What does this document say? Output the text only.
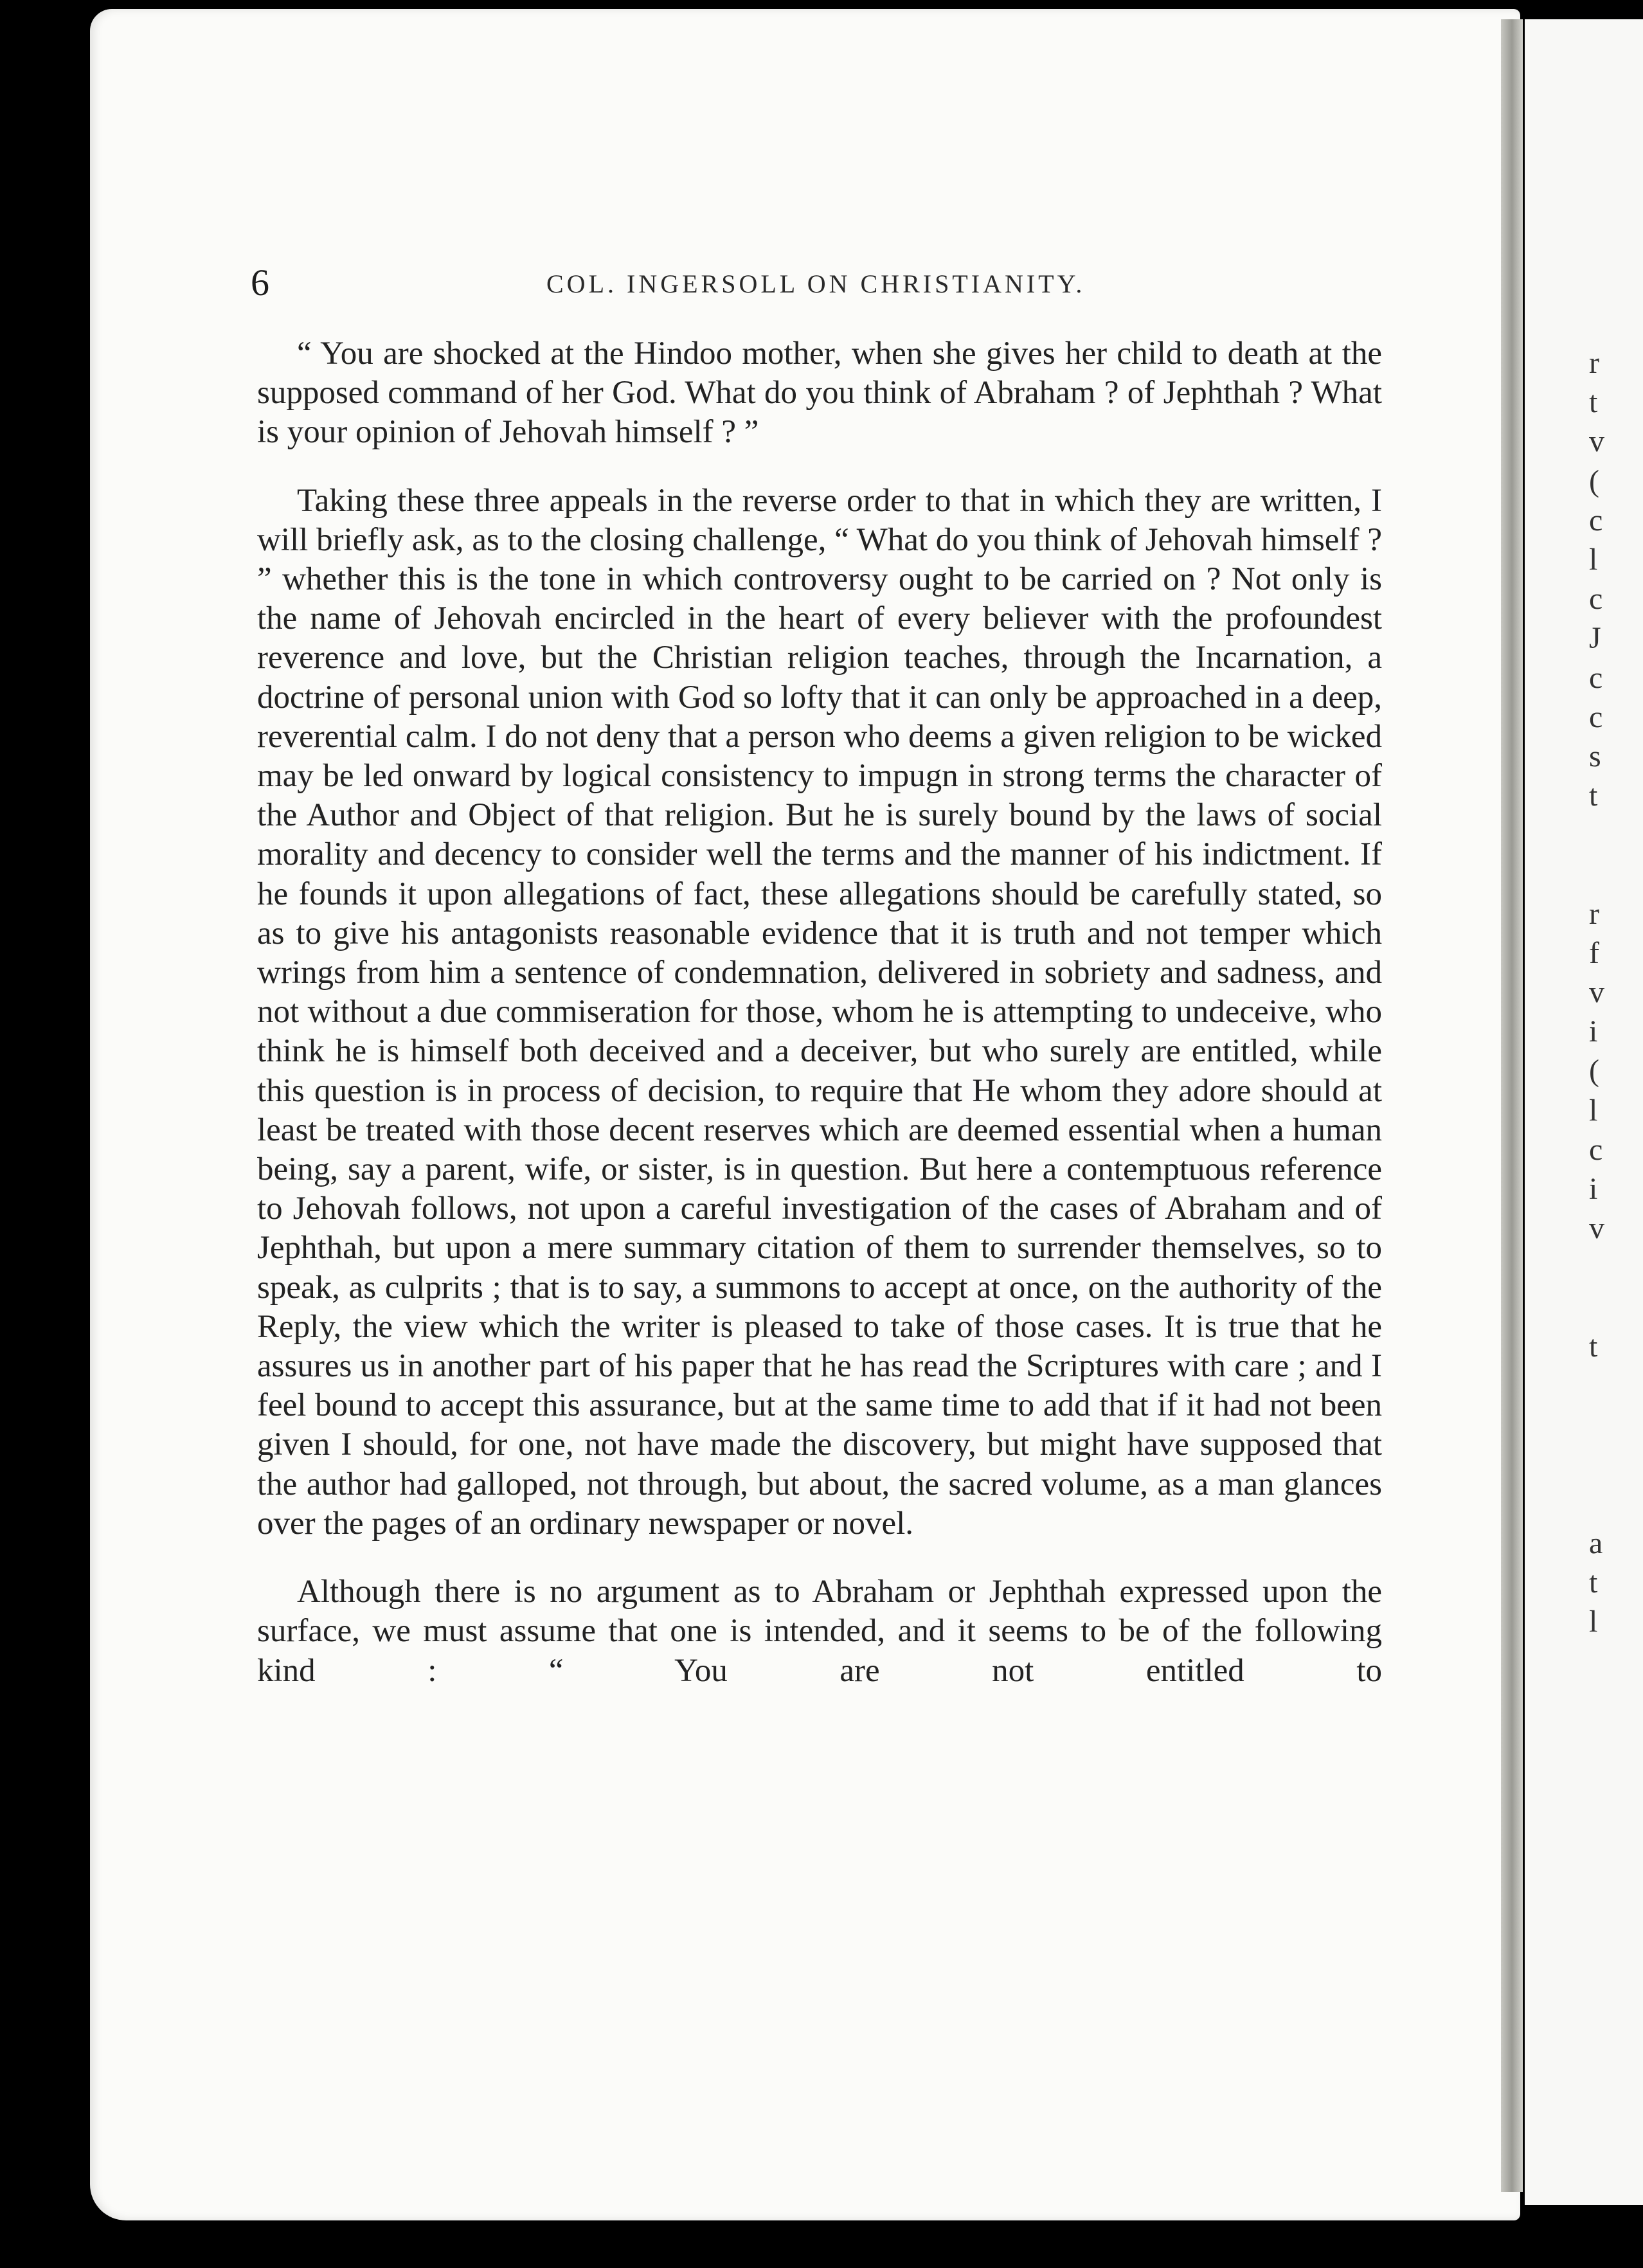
6	COL. INGERSOLL ON CHRISTIANITY.

“ You are shocked at the Hindoo mother, when she gives her child to death at the supposed command of her God. What do you think of Abraham ? of Jephthah ? What is your opinion of Jehovah himself ? ”

Taking these three appeals in the reverse order to that in which they are written, I will briefly ask, as to the closing challenge, “ What do you think of Jehovah himself ? ” whether this is the tone in which controversy ought to be carried on ? Not only is the name of Jehovah encircled in the heart of every believer with the profoundest reverence and love, but the Christian religion teaches, through the Incarnation, a doctrine of personal union with God so lofty that it can only be approached in a deep, reverential calm. I do not deny that a person who deems a given religion to be wicked may be led onward by logical consistency to impugn in strong terms the character of the Author and Object of that religion. But he is surely bound by the laws of social morality and decency to consider well the terms and the manner of his indictment. If he founds it upon allegations of fact, these allegations should be carefully stated, so as to give his antagonists reasonable evidence that it is truth and not temper which wrings from him a sentence of condemnation, delivered in sobriety and sadness, and not without a due commiseration for those, whom he is attempting to undeceive, who think he is himself both deceived and a deceiver, but who surely are entitled, while this question is in process of decision, to require that He whom they adore should at least be treated with those decent reserves which are deemed essential when a human being, say a parent, wife, or sister, is in question. But here a contemptuous reference to Jehovah follows, not upon a careful investigation of the cases of Abraham and of Jephthah, but upon a mere summary citation of them to surrender themselves, so to speak, as culprits ; that is to say, a summons to accept at once, on the authority of the Reply, the view which the writer is pleased to take of those cases. It is true that he assures us in another part of his paper that he has read the Scriptures with care ; and I feel bound to accept this assurance, but at the same time to add that if it had not been given I should, for one, not have made the discovery, but might have supposed that the author had galloped, not through, but about, the sacred volume, as a man glances over the pages of an ordinary newspaper or novel.

Although there is no argument as to Abraham or Jephthah expressed upon the surface, we must assume that one is intended, and it seems to be of the following kind : “ You are not entitled to

r
t
v
(
c
l
c
J
c
c
s
t
r
f
v
i
(
l
c
i
v
t
a
t
l
